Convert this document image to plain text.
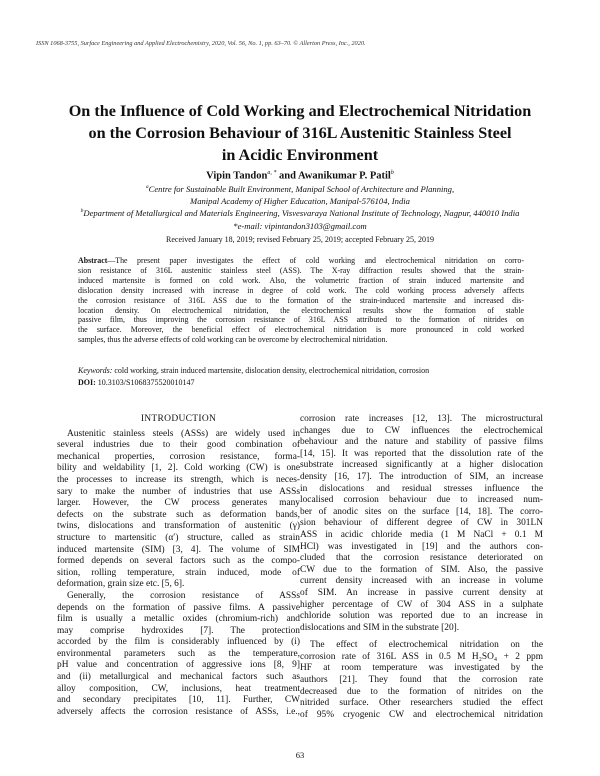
ISSN 1068-3755, Surface Engineering and Applied Electrochemistry, 2020, Vol. 56, No. 1, pp. 63–70. © Allerton Press, Inc., 2020.
On the Influence of Cold Working and Electrochemical Nitridation
on the Corrosion Behaviour of 316L Austenitic Stainless Steel
in Acidic Environment
Vipin Tandon$^{a, *}$ and Awanikumar P. Patil$^b$
$^a$Centre for Sustainable Built Environment, Manipal School of Architecture and Planning,
Manipal Academy of Higher Education, Manipal-576104, India
$^b$Department of Metallurgical and Materials Engineering, Visvesvaraya National Institute of Technology, Nagpur, 440010 India
*e-mail: vipintandon3103@gmail.com
Received January 18, 2019; revised February 25, 2019; accepted February 25, 2019
Abstract—The present paper investigates the effect of cold working and electrochemical nitridation on corro-
sion resistance of 316L austenitic stainless steel (ASS). The X-ray diffraction results showed that the strain-
induced martensite is formed on cold work. Also, the volumetric fraction of strain induced martensite and
dislocation density increased with increase in degree of cold work. The cold working process adversely affects
the corrosion resistance of 316L ASS due to the formation of the strain-induced martensite and increased dis-
location density. On electrochemical nitridation, the electrochemical results show the formation of stable
passive film, thus improving the corrosion resistance of 316L ASS attributed to the formation of nitrides on
the surface. Moreover, the beneficial effect of electrochemical nitridation is more pronounced in cold worked
samples, thus the adverse effects of cold working can be overcome by electrochemical nitridation.
Keywords: cold working, strain induced martensite, dislocation density, electrochemical nitridation, corrosion
DOI: 10.3103/S1068375520010147
INTRODUCTION
Austenitic stainless steels (ASSs) are widely used in
several industries due to their good combination of
mechanical properties, corrosion resistance, forma-
bility and weldability [1, 2]. Cold working (CW) is one
the processes to increase its strength, which is neces-
sary to make the number of industries that use ASSs
larger. However, the CW process generates many
defects on the substrate such as deformation bands,
twins, dislocations and transformation of austenitic (γ)
structure to martensitic (α′) structure, called as strain
induced martensite (SIM) [3, 4]. The volume of SIM
formed depends on several factors such as the compo-
sition, rolling temperature, strain induced, mode of
deformation, grain size etc. [5, 6].
Generally, the corrosion resistance of ASSs
depends on the formation of passive films. A passive
film is usually a metallic oxides (chromium-rich) and
may comprise hydroxides [7]. The protection
accorded by the film is considerably influenced by (i)
environmental parameters such as the temperature,
pH value and concentration of aggressive ions [8, 9]
and (ii) metallurgical and mechanical factors such as
alloy composition, CW, inclusions, heat treatment
and secondary precipitates [10, 11]. Further, CW
adversely affects the corrosion resistance of ASSs, i.e.,
corrosion rate increases [12, 13]. The microstructural
changes due to CW influences the electrochemical
behaviour and the nature and stability of passive films
[14, 15]. It was reported that the dissolution rate of the
substrate increased significantly at a higher dislocation
density [16, 17]. The introduction of SIM, an increase
in dislocations and residual stresses influence the
localised corrosion behaviour due to increased num-
ber of anodic sites on the surface [14, 18]. The corro-
sion behaviour of different degree of CW in 301LN
ASS in acidic chloride media (1 M NaCl + 0.1 M
HCl) was investigated in [19] and the authors con-
cluded that the corrosion resistance deteriorated on
CW due to the formation of SIM. Also, the passive
current density increased with an increase in volume
of SIM. An increase in passive current density at
higher percentage of CW of 304 ASS in a sulphate
chloride solution was reported due to an increase in
dislocations and SIM in the substrate [20].
The effect of electrochemical nitridation on the
corrosion rate of 316L ASS in 0.5 M H₂SO₄ + 2 ppm
HF at room temperature was investigated by the
authors [21]. They found that the corrosion rate
decreased due to the formation of nitrides on the
nitrided surface. Other researchers studied the effect
of 95% cryogenic CW and electrochemical nitridation
63
